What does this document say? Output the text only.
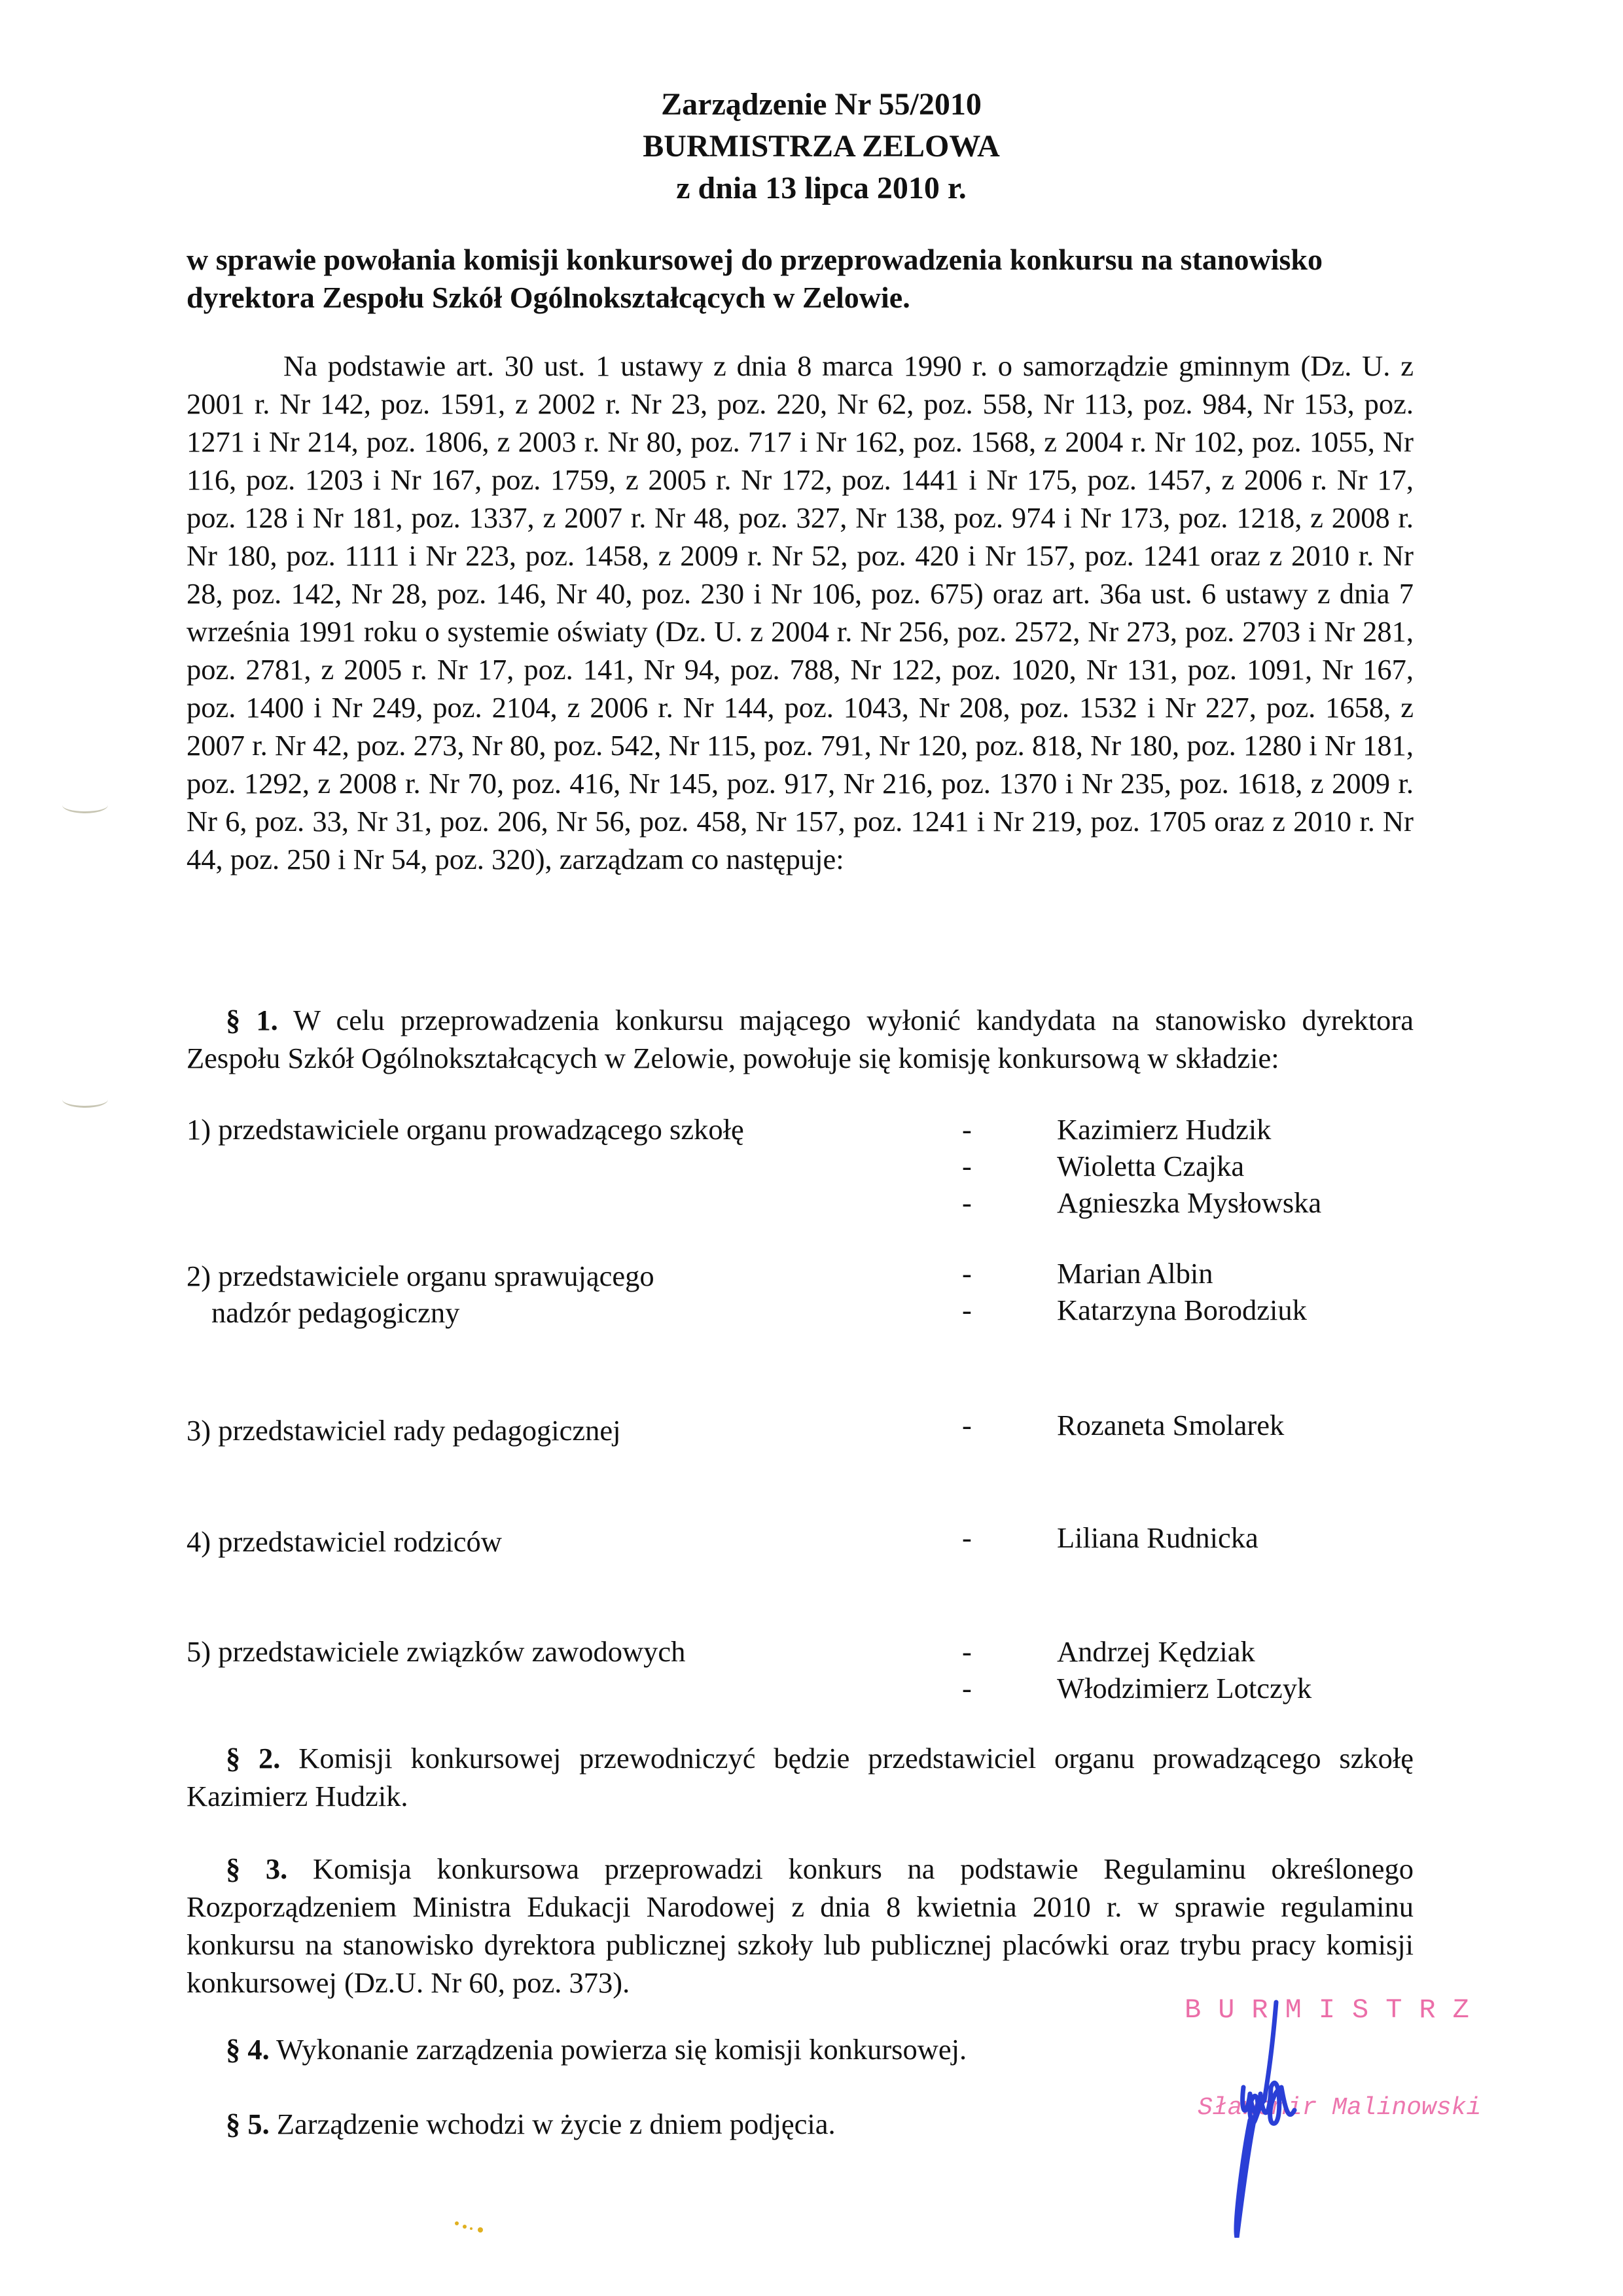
Zarządzenie Nr 55/2010
BURMISTRZA ZELOWA
z dnia 13 lipca 2010 r.
w sprawie powołania komisji konkursowej do przeprowadzenia konkursu na stanowisko dyrektora Zespołu Szkół Ogólnokształcących w Zelowie.
Na podstawie art. 30 ust. 1 ustawy z dnia 8 marca 1990 r. o samorządzie gminnym (Dz. U. z 2001 r. Nr 142, poz. 1591, z 2002 r. Nr 23, poz. 220, Nr 62, poz. 558, Nr 113, poz. 984, Nr 153, poz. 1271 i Nr 214, poz. 1806, z 2003 r. Nr 80, poz. 717 i Nr 162, poz. 1568, z 2004 r. Nr 102, poz. 1055, Nr 116, poz. 1203 i Nr 167, poz. 1759, z 2005 r. Nr 172, poz. 1441 i Nr 175, poz. 1457, z 2006 r. Nr 17, poz. 128 i Nr 181, poz. 1337, z 2007 r. Nr 48, poz. 327, Nr 138, poz. 974 i Nr 173, poz. 1218, z 2008 r. Nr 180, poz. 1111 i Nr 223, poz. 1458, z 2009 r. Nr 52, poz. 420 i Nr 157, poz. 1241 oraz z 2010 r. Nr 28, poz. 142, Nr 28, poz. 146, Nr 40, poz. 230 i Nr 106, poz. 675) oraz art. 36a ust. 6 ustawy z dnia 7 września 1991 roku o systemie oświaty (Dz. U. z 2004 r. Nr 256, poz. 2572, Nr 273, poz. 2703 i Nr 281, poz. 2781, z 2005 r. Nr 17, poz. 141, Nr 94, poz. 788, Nr 122, poz. 1020, Nr 131, poz. 1091, Nr 167, poz. 1400 i Nr 249, poz. 2104, z 2006 r. Nr 144, poz. 1043, Nr 208, poz. 1532 i Nr 227, poz. 1658, z 2007 r. Nr 42, poz. 273, Nr 80, poz. 542, Nr 115, poz. 791, Nr 120, poz. 818, Nr 180, poz. 1280 i Nr 181, poz. 1292, z 2008 r. Nr 70, poz. 416, Nr 145, poz. 917, Nr 216, poz. 1370 i Nr 235, poz. 1618, z 2009 r. Nr 6, poz. 33, Nr 31, poz. 206, Nr 56, poz. 458, Nr 157, poz. 1241 i Nr 219, poz. 1705 oraz z 2010 r. Nr 44, poz. 250 i Nr 54, poz. 320), zarządzam co następuje:
§ 1. W celu przeprowadzenia konkursu mającego wyłonić kandydata na stanowisko dyrektora Zespołu Szkół Ogólnokształcących w Zelowie, powołuje się komisję konkursową w składzie:
1) przedstawiciele organu prowadzącego szkołę	-	Kazimierz Hudzik
-	Wioletta Czajka
-	Agnieszka Mysłowska
2) przedstawiciele organu sprawującego
nadzór pedagogiczny
-	Marian Albin
-	Katarzyna Borodziuk
3) przedstawiciel rady pedagogicznej	-	Rozaneta Smolarek
4) przedstawiciel rodziców	-	Liliana Rudnicka
5) przedstawiciele związków zawodowych	-	Andrzej Kędziak
-	Włodzimierz Lotczyk
§ 2. Komisji konkursowej przewodniczyć będzie przedstawiciel organu prowadzącego szkołę Kazimierz Hudzik.
§ 3. Komisja konkursowa przeprowadzi konkurs na podstawie Regulaminu określonego Rozporządzeniem Ministra Edukacji Narodowej z dnia 8 kwietnia 2010 r. w sprawie regulaminu konkursu na stanowisko dyrektora publicznej szkoły lub publicznej placówki oraz trybu pracy komisji konkursowej (Dz.U. Nr 60, poz. 373).
§ 4. Wykonanie zarządzenia powierza się komisji konkursowej.
§ 5. Zarządzenie wchodzi w życie z dniem podjęcia.
BURMISTRZ
Sławomir Malinowski
